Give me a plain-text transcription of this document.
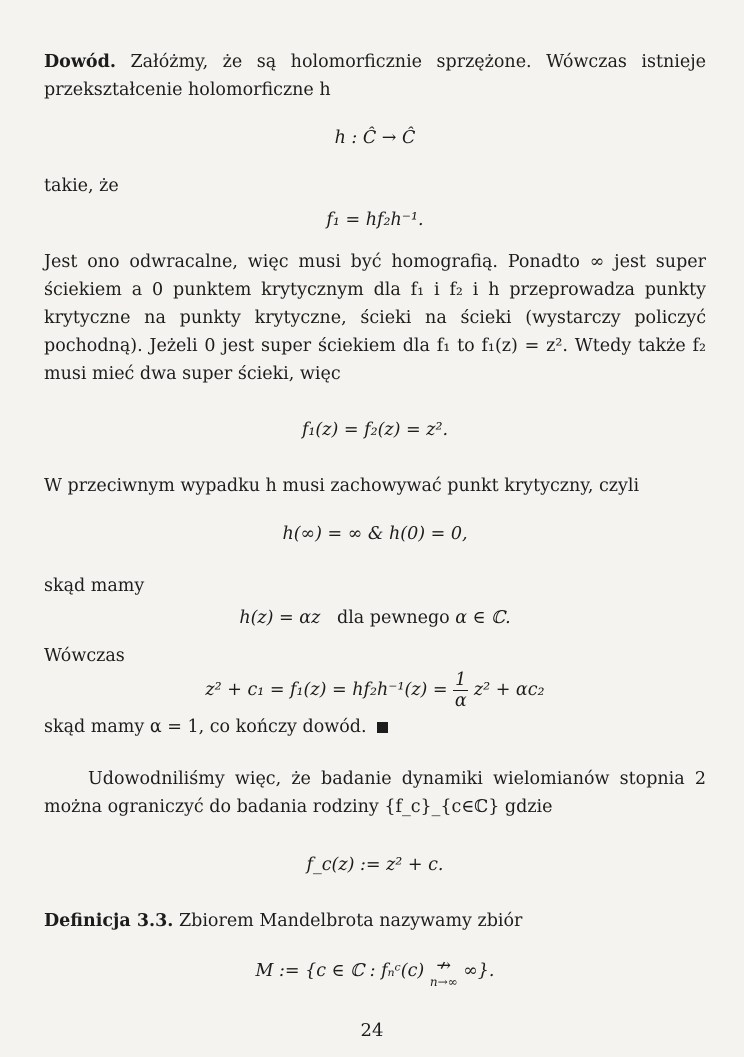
Dowód. Załóżmy, że są holomorficznie sprzężone. Wówczas istnieje przekształcenie holomorficzne h

h : Ĉ → Ĉ

takie, że

f₁ = hf₂h⁻¹.

Jest ono odwracalne, więc musi być homografią. Ponadto ∞ jest super ściekiem a 0 punktem krytycznym dla f₁ i f₂ i h przeprowadza punkty krytyczne na punkty krytyczne, ścieki na ścieki (wystarczy policzyć pochodną). Jeżeli 0 jest super ściekiem dla f₁ to f₁(z) = z². Wtedy także f₂ musi mieć dwa super ścieki, więc

f₁(z) = f₂(z) = z².

W przeciwnym wypadku h musi zachowywać punkt krytyczny, czyli

h(∞) = ∞ & h(0) = 0,

skąd mamy

h(z) = αz dla pewnego α ∈ ℂ.

Wówczas

$z^2 + c_1 = f_1(z) = hf_2h^{-1}(z) = \frac{1}{\alpha} z^2 + \alpha c_2$

skąd mamy α = 1, co kończy dowód.

Udowodniliśmy więc, że badanie dynamiki wielomianów stopnia 2 można ograniczyć do badania rodziny {f_c}_{c∈ℂ} gdzie

f_c(z) := z² + c.

Definicja 3.3. Zbiorem Mandelbrota nazywamy zbiór

M := {c ∈ ℂ : fₙᶜ(c) ↛
n→∞
∞}.

24
